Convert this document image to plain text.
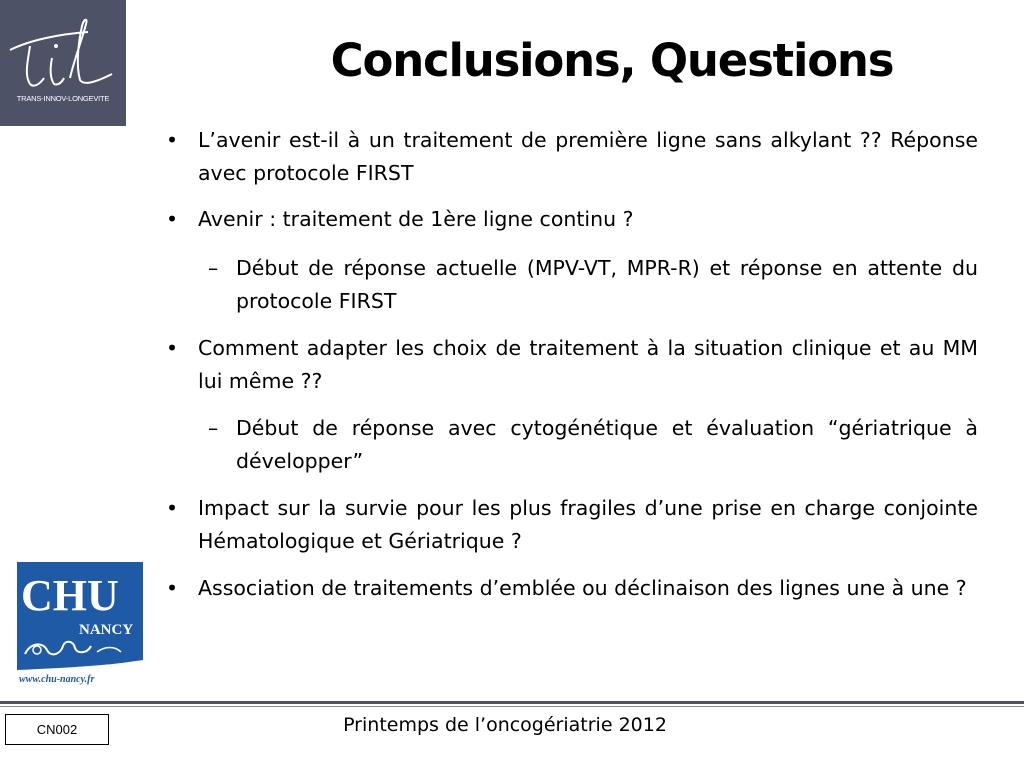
TRANS-INNOV-LONGEVITE
Conclusions, Questions
• L’avenir est-il à un traitement de première ligne sans alkylant ?? Réponse avec protocole FIRST
• Avenir : traitement de 1ère ligne continu ?
– Début de réponse actuelle (MPV-VT, MPR-R) et réponse en attente du protocole FIRST
• Comment adapter les choix de traitement à la situation clinique et au MM lui même ??
– Début de réponse avec cytogénétique et évaluation “gériatrique à développer”
• Impact sur la survie pour les plus fragiles d’une prise en charge conjointe Hématologique et Gériatrique ?
• Association de traitements d’emblée ou déclinaison des lignes une à une ?
CHU
NANCY
www.chu-nancy.fr
CN002	Printemps de l’oncogériatrie 2012
